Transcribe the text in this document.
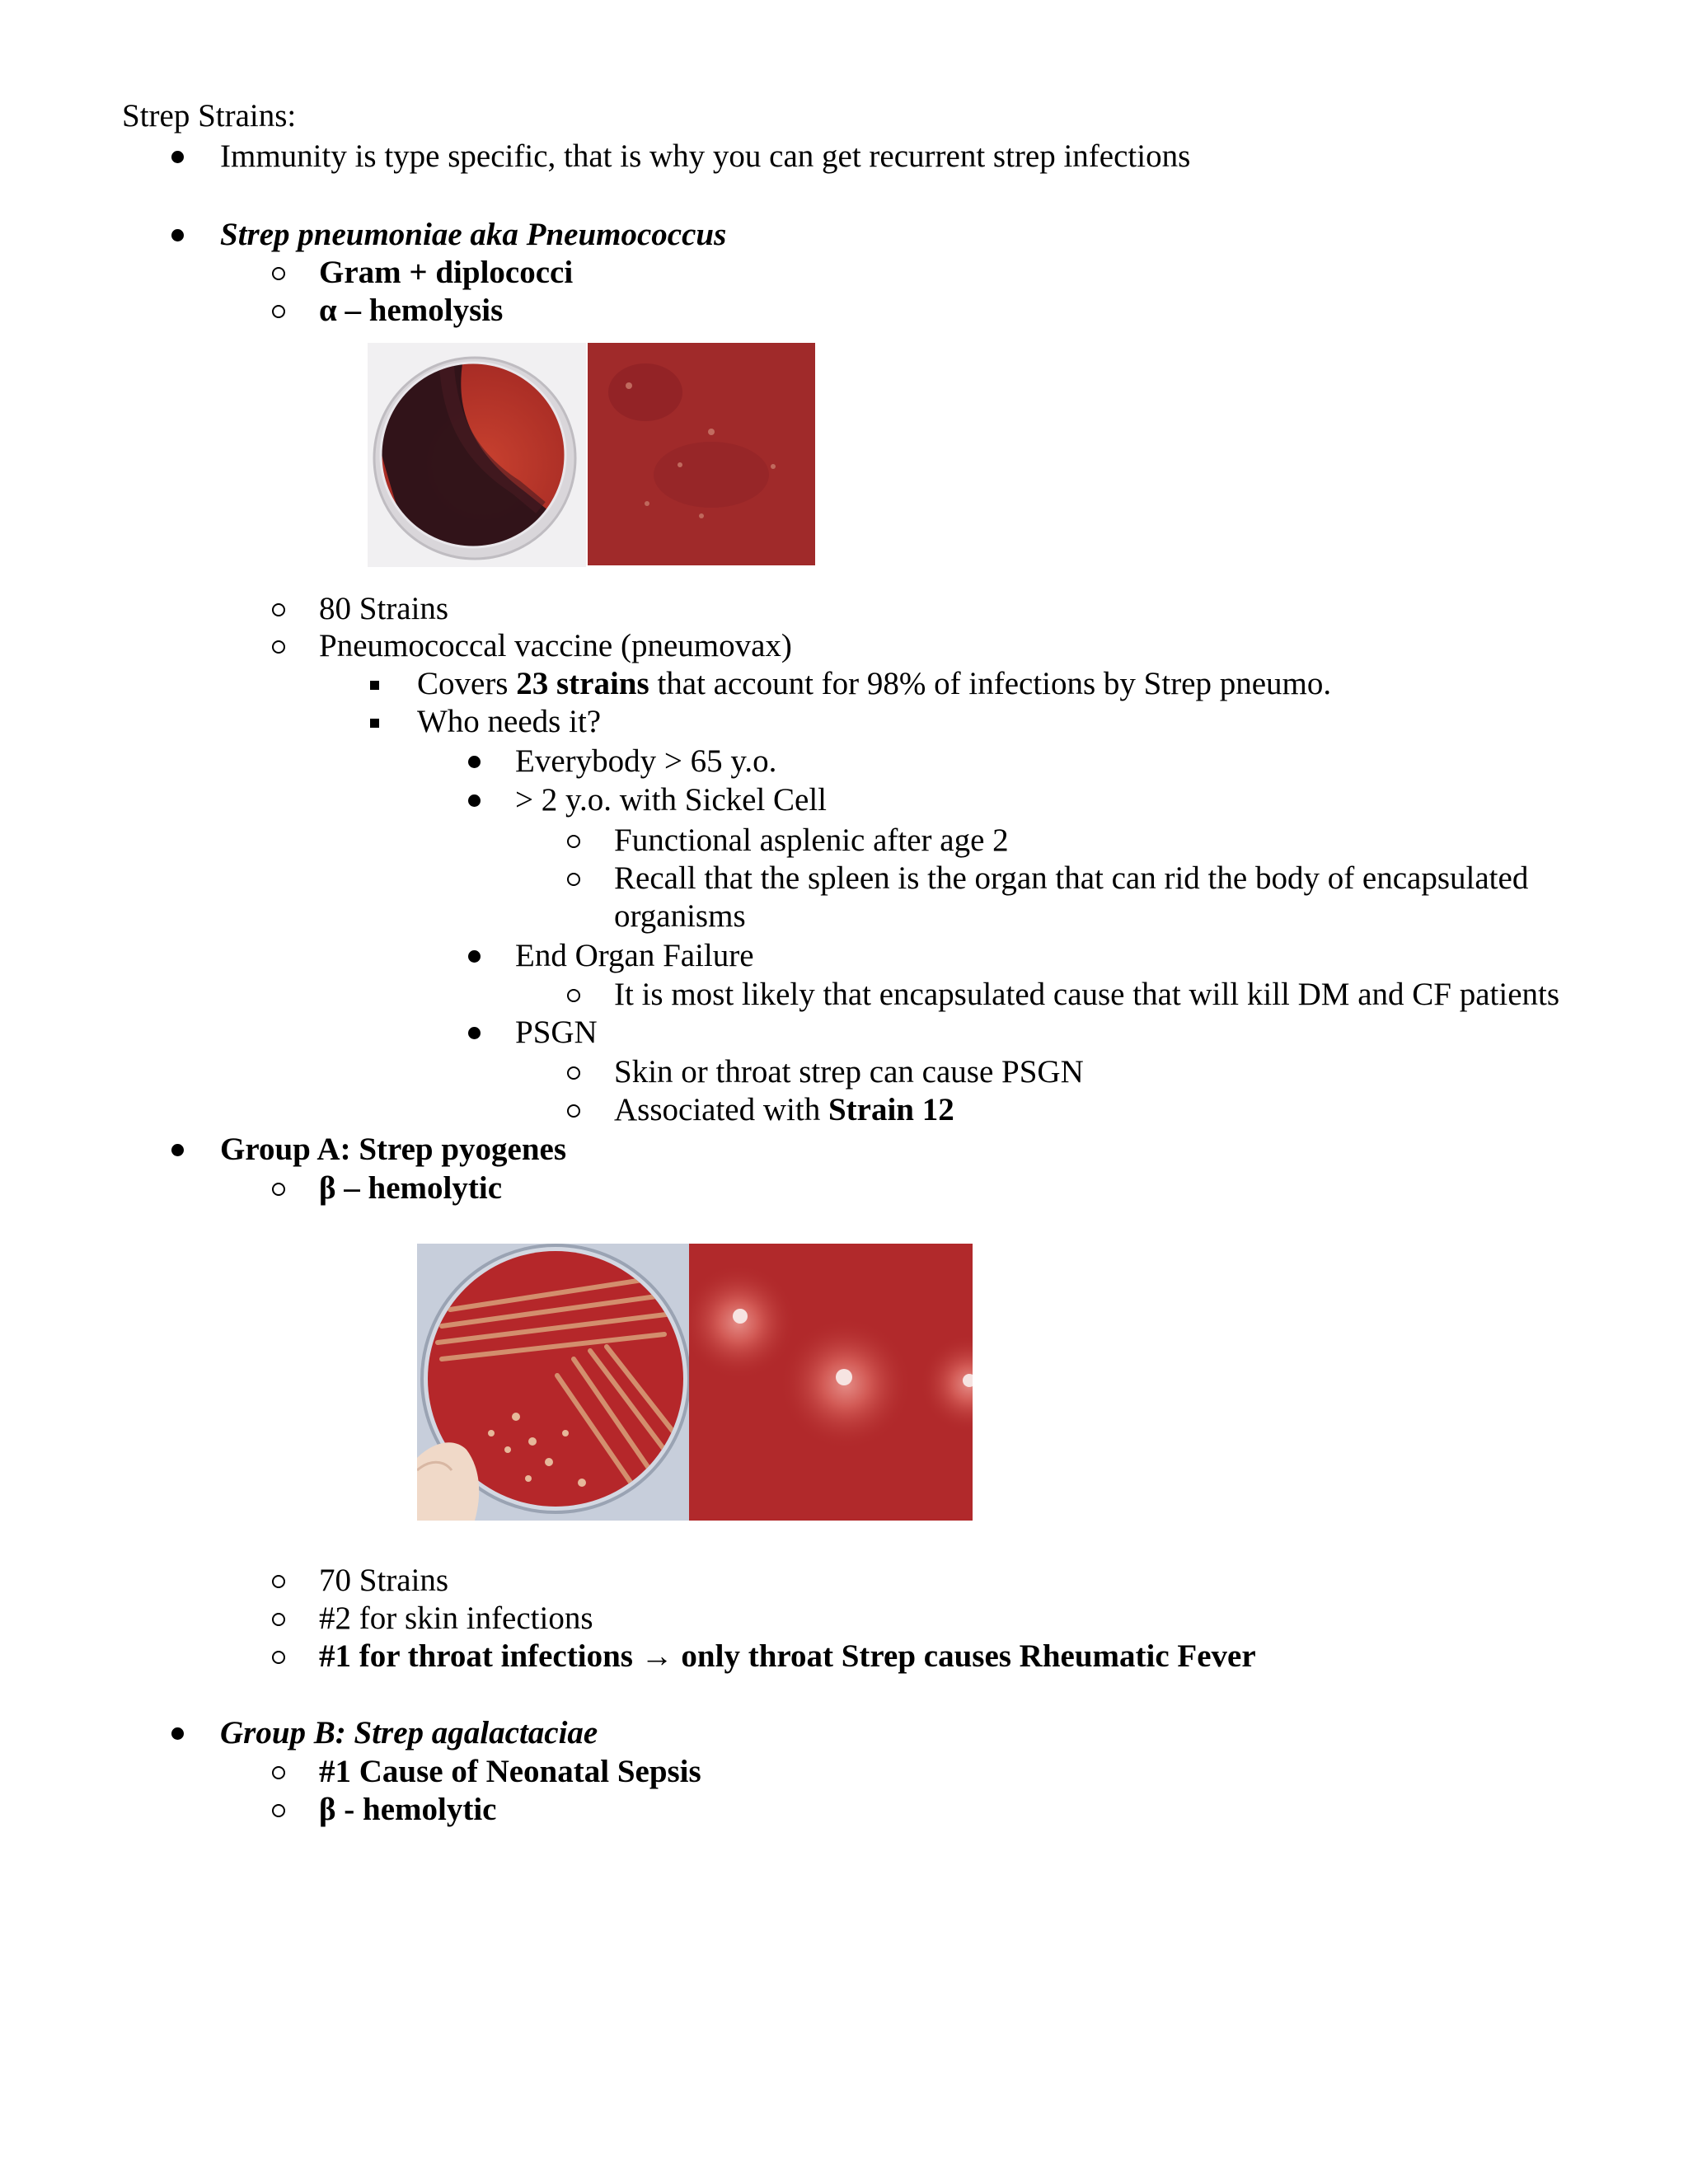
Strep Strains:
Immunity is type specific, that is why you can get recurrent strep infections
Strep pneumoniae aka Pneumococcus
Gram + diplococci
α – hemolysis
80 Strains
Pneumococcal vaccine (pneumovax)
Covers 23 strains that account for 98% of infections by Strep pneumo.
Who needs it?
Everybody > 65 y.o.
> 2 y.o. with Sickel Cell
Functional asplenic after age 2
Recall that the spleen is the organ that can rid the body of encapsulated
organisms
End Organ Failure
It is most likely that encapsulated cause that will kill DM and CF patients
PSGN
Skin or throat strep can cause PSGN
Associated with Strain 12
Group A: Strep pyogenes
β – hemolytic
70 Strains
#2 for skin infections
#1 for throat infections → only throat Strep causes Rheumatic Fever
Group B: Strep agalactaciae
#1 Cause of Neonatal Sepsis
β - hemolytic
